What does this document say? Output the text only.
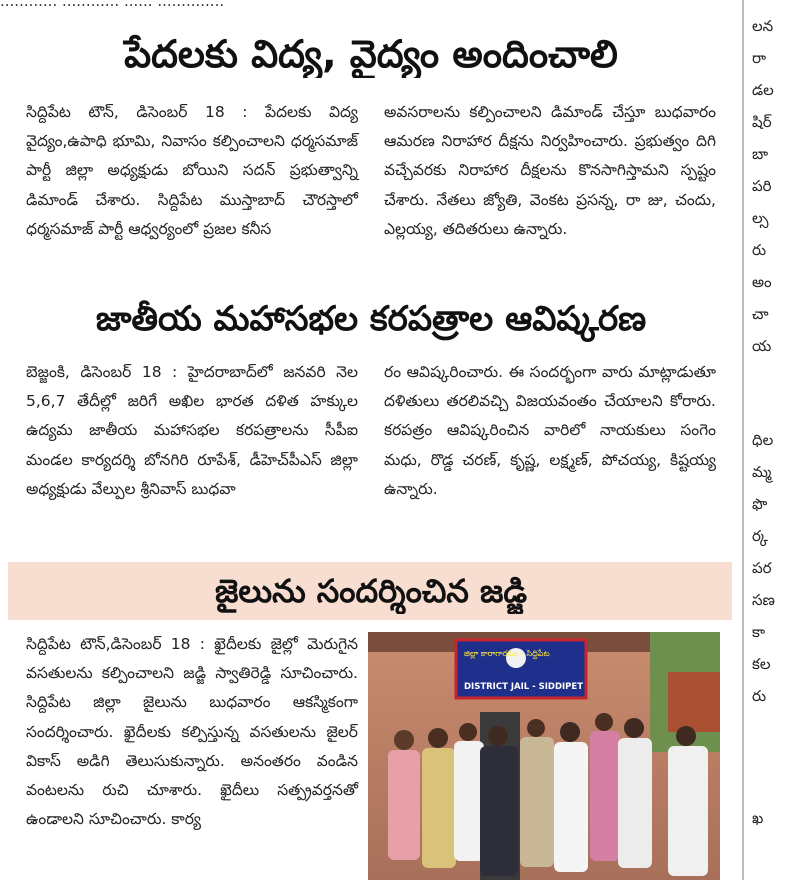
............ ............ ...... ..............
పేదలకు విద్య, వైద్యం అందించాలి

సిద్దిపేట టౌన్, డిసెంబర్ 18 : పేదలకు విద్య వైద్యం,ఉపాధి భూమి, నివాసం కల్పించాలని ధర్మసమాజ్ పార్టీ జిల్లా అధ్యక్షుడు బోయిని సదన్ ప్రభుత్వాన్ని డిమాండ్ చేశారు. సిద్దిపేట ముస్తాబాద్ చౌరస్తాలో ధర్మసమాజ్ పార్టీ ఆధ్వర్యంలో ప్రజల కనీస

అవసరాలను కల్పించాలని డిమాండ్ చేస్తూ బుధవారం ఆమరణ నిరాహార దీక్షను నిర్వహించారు. ప్రభుత్వం దిగి వచ్చేవరకు నిరాహార దీక్షలను కొనసాగిస్తామని స్పష్టం చేశారు. నేతలు జ్యోతి, వెంకట ప్రసన్న, రా జు, చందు, ఎల్లయ్య, తదితరులు ఉన్నారు.

జాతీయ మహాసభల కరపత్రాల ఆవిష్కరణ

బెజ్జంకి, డిసెంబర్ 18 : హైదరాబాద్‌లో జనవరి నెల 5,6,7 తేదీల్లో జరిగే అఖిల భారత దళిత హక్కుల ఉద్యమ జాతీయ మహాసభల కరపత్రాలను సీపీఐ మండల కార్యదర్శి బోనగిరి రూపేశ్, డీహెచ్‌పీఎస్ జిల్లా అధ్యక్షుడు వేల్పుల శ్రీనివాస్ బుధవా

రం ఆవిష్కరించారు. ఈ సందర్భంగా వారు మాట్లాడుతూ దళితులు తరలివచ్చి విజయవంతం చేయాలని కోరారు. కరపత్రం ఆవిష్కరించిన వారిలో నాయకులు సంగెం మధు, రొడ్డ చరణ్, కృష్ణ, లక్ష్మణ్, పోచయ్య, కిష్టయ్య ఉన్నారు.

జైలును సందర్శించిన జడ్జి

సిద్దిపేట టౌన్,డిసెంబర్ 18 : ఖైదీలకు జైల్లో మెరుగైన వసతులను కల్పించాలని జడ్జి స్వాతిరెడ్డి సూచించారు. సిద్దిపేట జిల్లా జైలును బుధవారం ఆకస్మికంగా సందర్శించారు. ఖైదీలకు కల్పిస్తున్న వసతులను జైలర్ వికాస్ అడిగి తెలుసుకున్నారు. అనంతరం వండిన వంటలను రుచి చూశారు. ఖైదీలు సత్ప్రవర్తనతో ఉండాలని సూచించారు. కార్య

జిల్లా కారాగారము - సిద్దిపేట
DISTRICT JAIL - SIDDIPET
లన
రా
డల
షిర్
బా
పరి
ల్స
రు
అం
చా
య
ధిల
మ్మ
ఫొ
ర్క
పర
సణ
కా
కల
రు
ఖ
